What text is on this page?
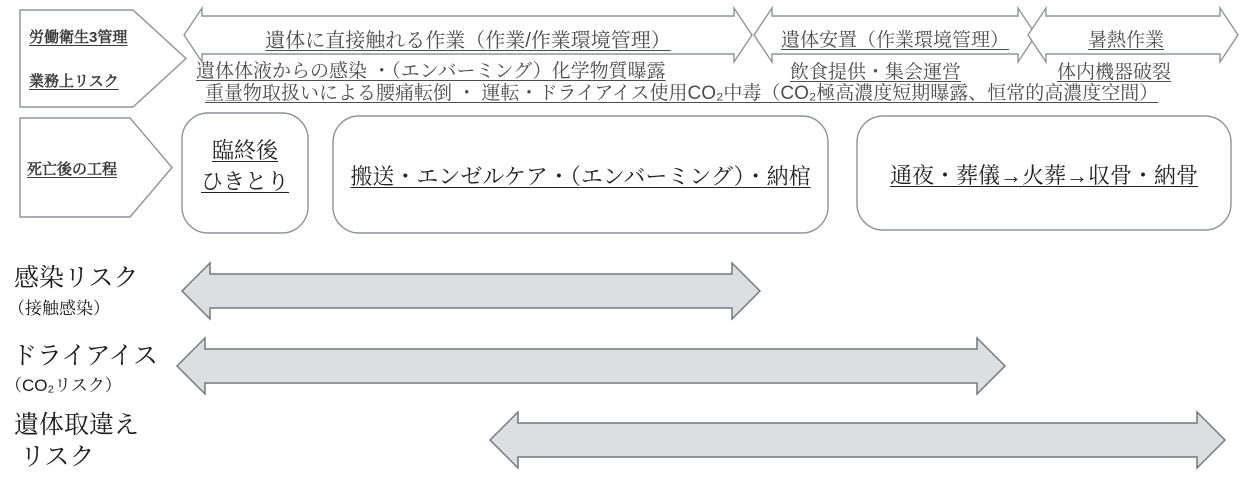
労働衛生3管理
業務上リスク
死亡後の工程
遺体に直接触れる作業（作業/作業環境管理）	遺体安置（作業環境管理）	暑熱作業
遺体体液からの感染 ・（エンバーミング）化学物質曝露	飲食提供・集会運営	体内機器破裂
重量物取扱いによる腰痛転倒 ・ 運転・ドライアイス使用CO₂中毒（CO₂極高濃度短期曝露、恒常的高濃度空間）
臨終後
ひきとり	搬送・エンゼルケア・（エンバーミング）・納棺	通夜・葬儀→火葬→収骨・納骨
感染リスク
（接触感染）
ドライアイス
（CO₂リスク）
遺体取違え
リスク
